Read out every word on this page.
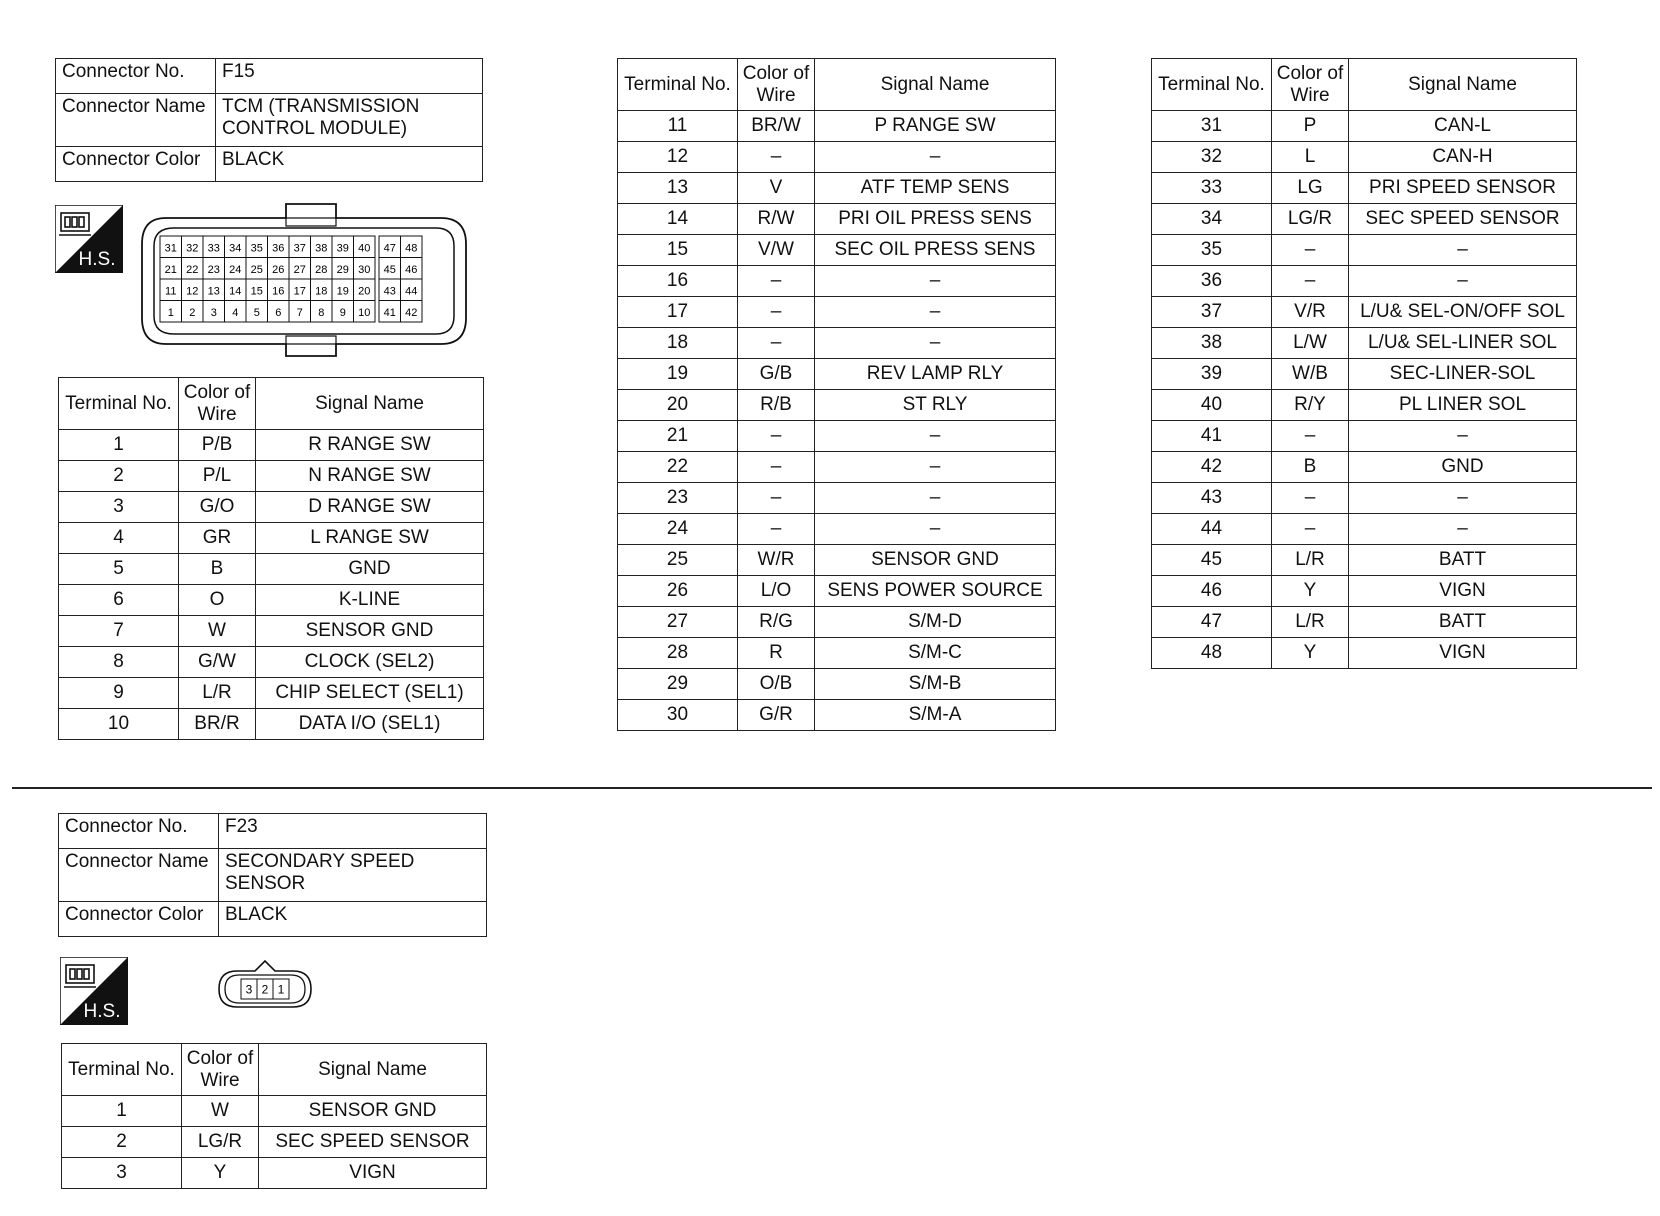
Connector No.	F15
Connector Name	TCM (TRANSMISSION CONTROL MODULE)
Connector Color	BLACK
H.S.
31 32 33 34 35 36 37 38 39 40 47 48
21 22 23 24 25 26 27 28 29 30 45 46
11 12 13 14 15 16 17 18 19 20 43 44
1 2 3 4 5 6 7 8 9 10 41 42
Terminal No.	Color of Wire	Signal Name
1	P/B	R RANGE SW
2	P/L	N RANGE SW
3	G/O	D RANGE SW
4	GR	L RANGE SW
5	B	GND
6	O	K-LINE
7	W	SENSOR GND
8	G/W	CLOCK (SEL2)
9	L/R	CHIP SELECT (SEL1)
10	BR/R	DATA I/O (SEL1)
Terminal No.	Color of Wire	Signal Name
11	BR/W	P RANGE SW
12	–	–
13	V	ATF TEMP SENS
14	R/W	PRI OIL PRESS SENS
15	V/W	SEC OIL PRESS SENS
16	–	–
17	–	–
18	–	–
19	G/B	REV LAMP RLY
20	R/B	ST RLY
21	–	–
22	–	–
23	–	–
24	–	–
25	W/R	SENSOR GND
26	L/O	SENS POWER SOURCE
27	R/G	S/M-D
28	R	S/M-C
29	O/B	S/M-B
30	G/R	S/M-A
Terminal No.	Color of Wire	Signal Name
31	P	CAN-L
32	L	CAN-H
33	LG	PRI SPEED SENSOR
34	LG/R	SEC SPEED SENSOR
35	–	–
36	–	–
37	V/R	L/U& SEL-ON/OFF SOL
38	L/W	L/U& SEL-LINER SOL
39	W/B	SEC-LINER-SOL
40	R/Y	PL LINER SOL
41	–	–
42	B	GND
43	–	–
44	–	–
45	L/R	BATT
46	Y	VIGN
47	L/R	BATT
48	Y	VIGN
Connector No.	F23
Connector Name	SECONDARY SPEED SENSOR
Connector Color	BLACK
H.S.
3 2 1
Terminal No.	Color of Wire	Signal Name
1	W	SENSOR GND
2	LG/R	SEC SPEED SENSOR
3	Y	VIGN
